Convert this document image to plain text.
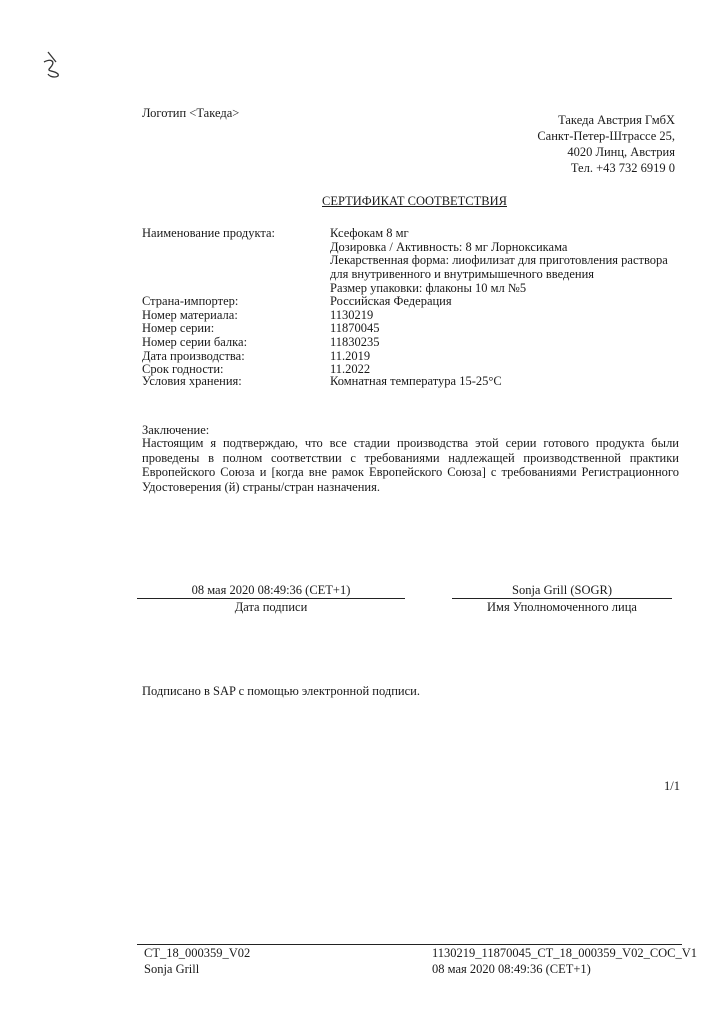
Логотип <Такеда>	Такеда Австрия ГмбХ
Санкт-Петер-Штрассе 25,
4020 Линц, Австрия
Тел. +43 732 6919 0
СЕРТИФИКАТ СООТВЕТСТВИЯ
Наименование продукта:	Ксефокам 8 мг
Дозировка / Активность: 8 мг Лорноксикама
Лекарственная форма: лиофилизат для приготовления раствора
для внутривенного и внутримышечного введения
Размер упаковки: флаконы 10 мл №5
Страна-импортер:	Российская Федерация
Номер материала:	1130219
Номер серии:	11870045
Номер серии балка:	11830235
Дата производства:	11.2019
Срок годности:	11.2022
Условия хранения:	Комнатная температура 15-25°C
Заключение:
Настоящим я подтверждаю, что все стадии производства этой серии готового продукта были проведены в полном соответствии с требованиями надлежащей производственной практики Европейского Союза и [когда вне рамок Европейского Союза] с требованиями Регистрационного Удостоверения (й) страны/стран назначения.
08 мая 2020 08:49:36 (CET+1)
Дата подписи
Sonja Grill (SOGR)
Имя Уполномоченного лица
Подписано в SAP с помощью электронной подписи.
1/1
CT_18_000359_V02
Sonja Grill
1130219_11870045_CT_18_000359_V02_COC_V1
08 мая 2020 08:49:36 (CET+1)
